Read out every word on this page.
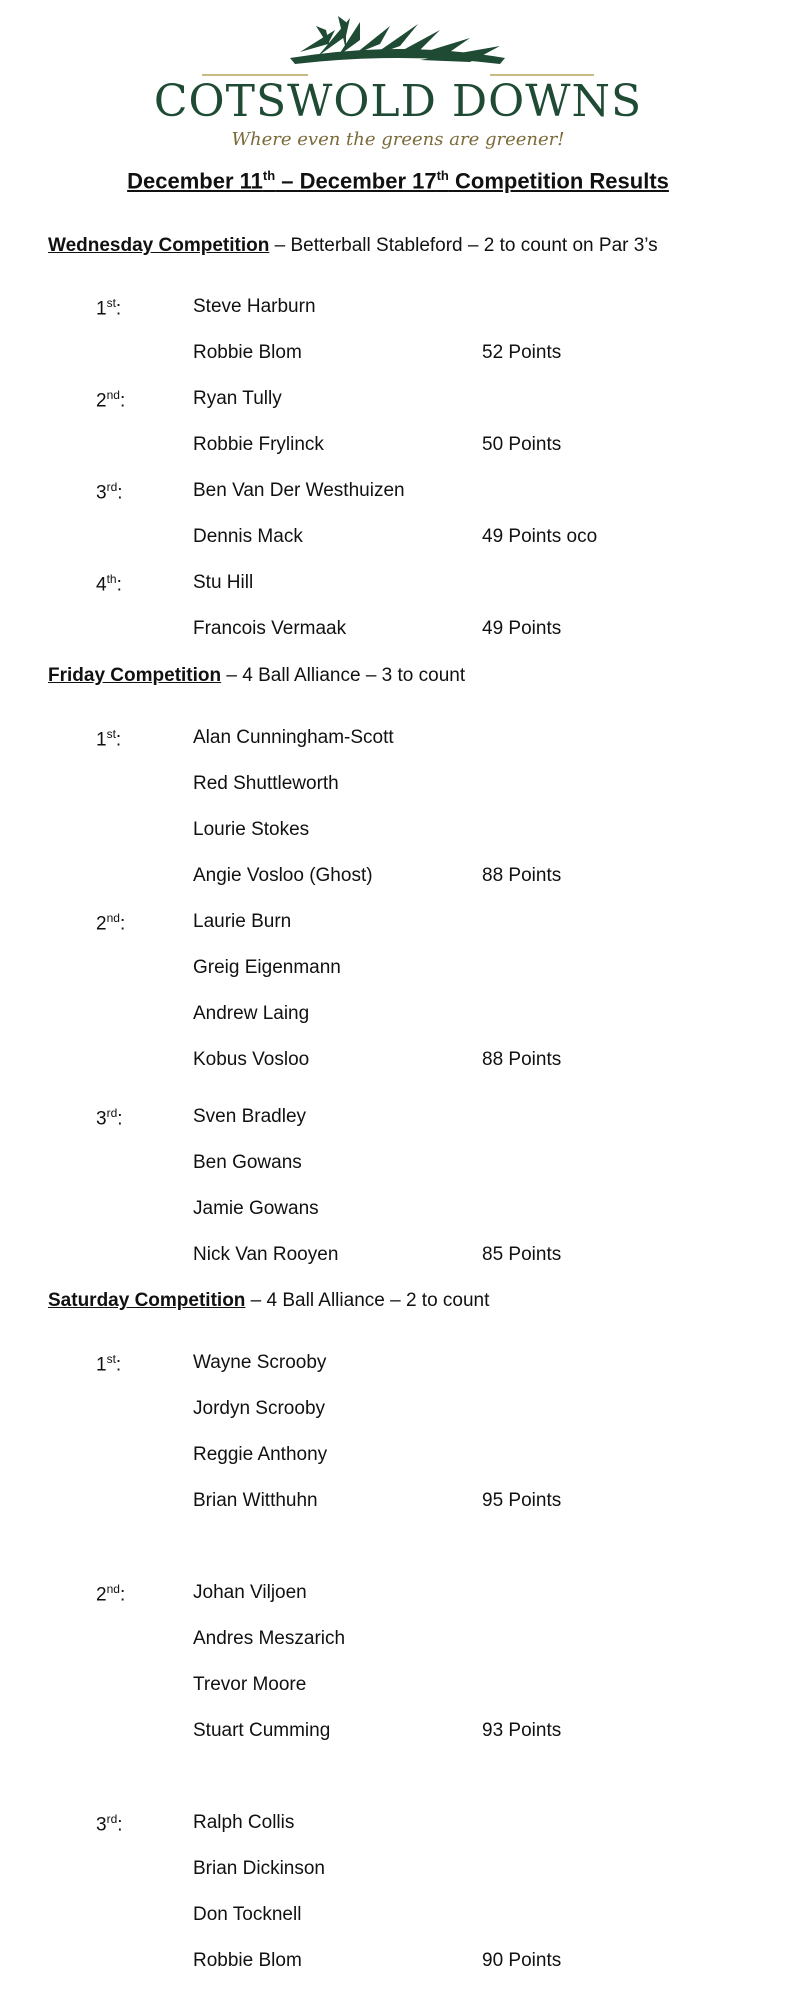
COTSWOLD DOWNS
Where even the greens are greener!
December 11th – December 17th Competition Results
Wednesday Competition – Betterball Stableford – 2 to count on Par 3’s
1st:	Steve Harburn
Robbie Blom	52 Points
2nd:	Ryan Tully
Robbie Frylinck	50 Points
3rd:	Ben Van Der Westhuizen
Dennis Mack	49 Points oco
4th:	Stu Hill
Francois Vermaak	49 Points
Friday Competition – 4 Ball Alliance – 3 to count
1st:	Alan Cunningham-Scott
Red Shuttleworth
Lourie Stokes
Angie Vosloo (Ghost)	88 Points
2nd:	Laurie Burn
Greig Eigenmann
Andrew Laing
Kobus Vosloo	88 Points
3rd:	Sven Bradley
Ben Gowans
Jamie Gowans
Nick Van Rooyen	85 Points
Saturday Competition – 4 Ball Alliance – 2 to count
1st:	Wayne Scrooby
Jordyn Scrooby
Reggie Anthony
Brian Witthuhn	95 Points
2nd:	Johan Viljoen
Andres Meszarich
Trevor Moore
Stuart Cumming	93 Points
3rd:	Ralph Collis
Brian Dickinson
Don Tocknell
Robbie Blom	90 Points
